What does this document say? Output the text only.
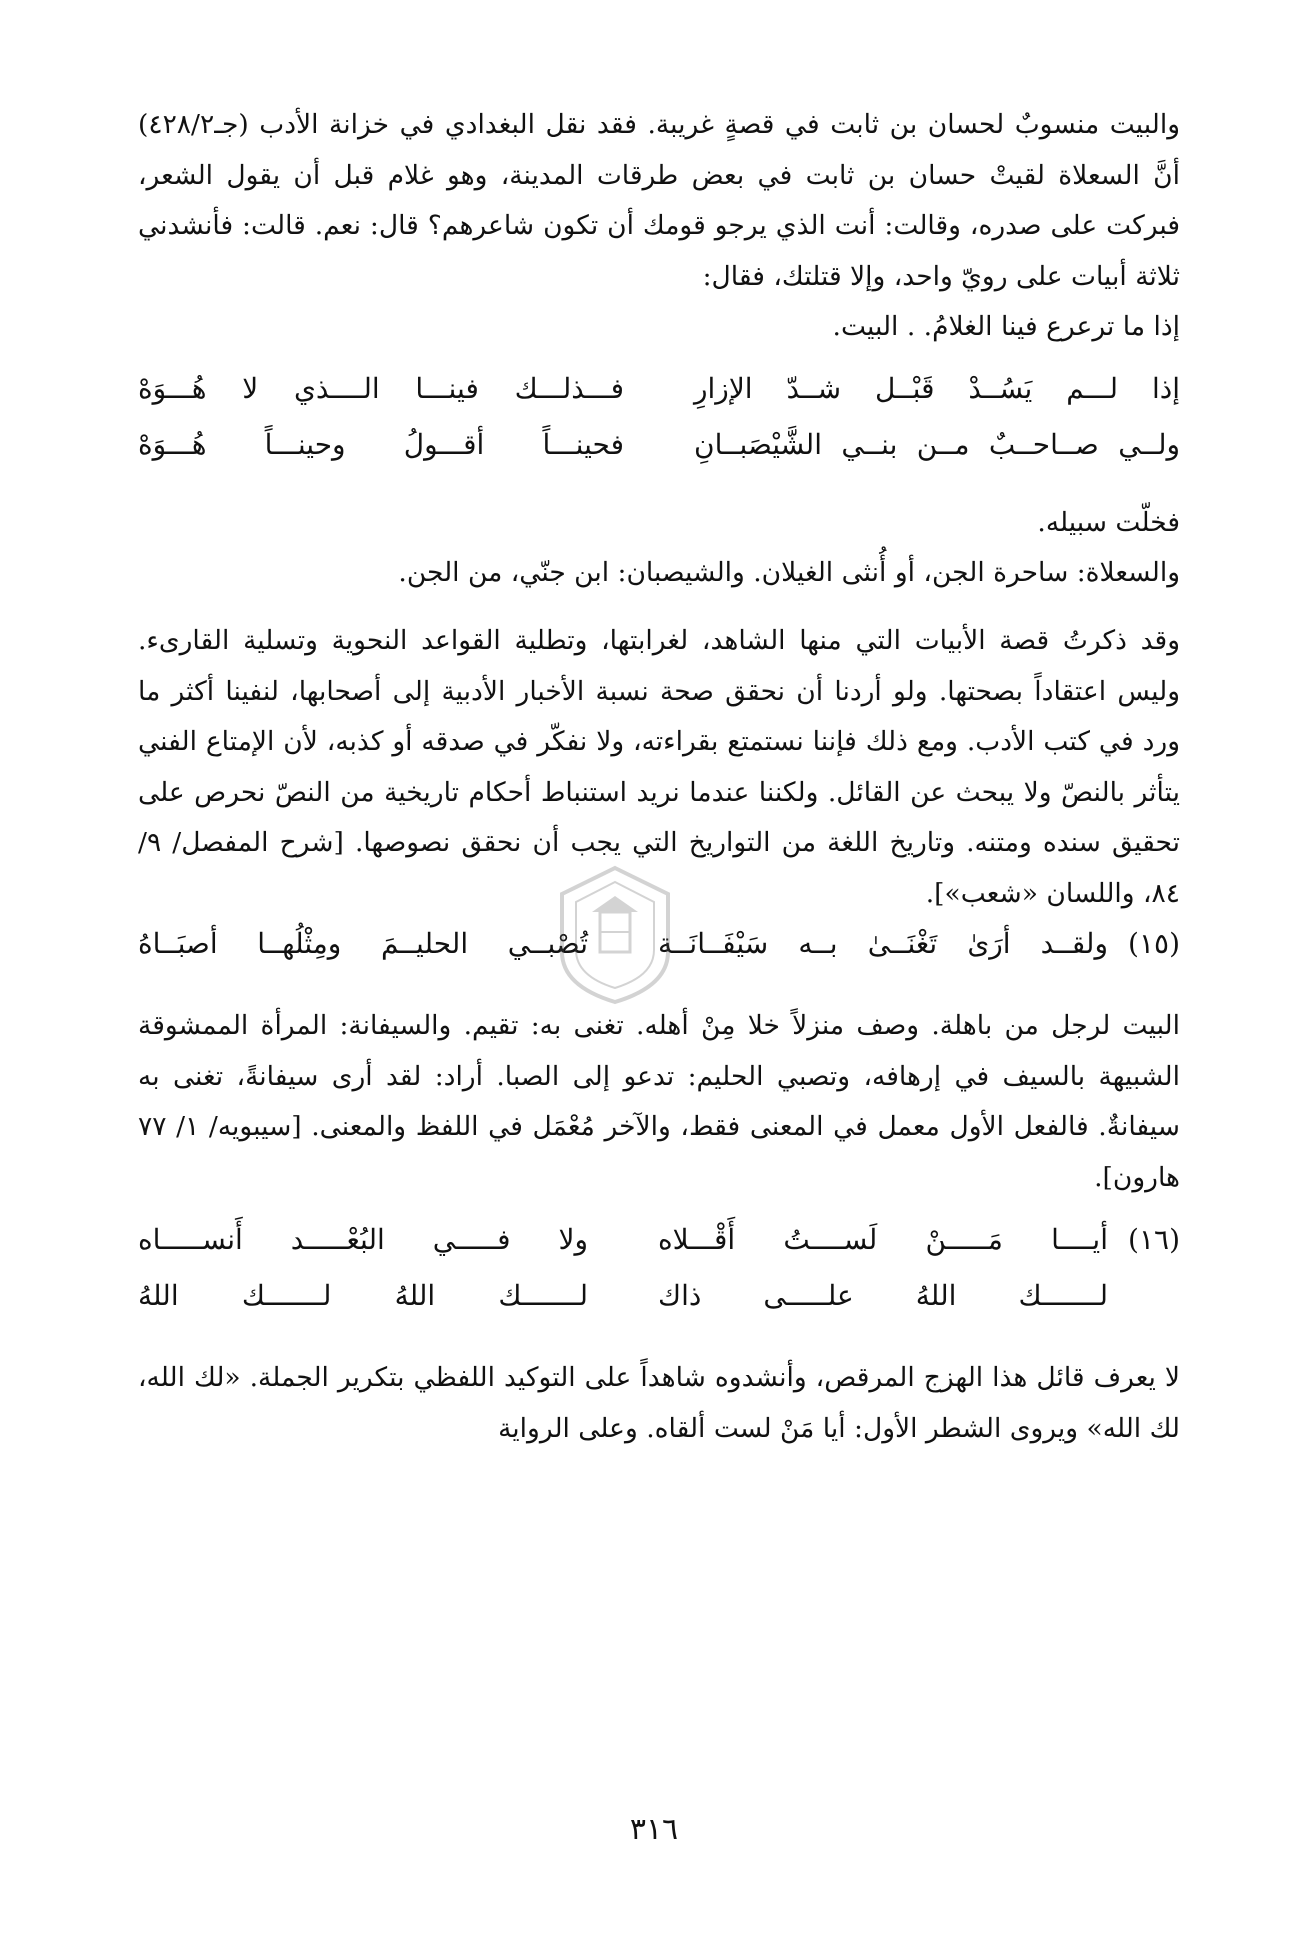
والبيت منسوبٌ لحسان بن ثابت في قصةٍ غريبة. فقد نقل البغدادي في خزانة الأدب (جـ٤٢٨/٢) أنَّ السعلاة لقيتْ حسان بن ثابت في بعض طرقات المدينة، وهو غلام قبل أن يقول الشعر، فبركت على صدره، وقالت: أنت الذي يرجو قومك أن تكون شاعرهم؟ قال: نعم. قالت: فأنشدني ثلاثة أبيات على رويّ واحد، وإلا قتلتك، فقال:

إذا ما ترعرع فينا الغلامُ. . البيت.

إذا لـــم يَسُــدْ قَبْــل شــدّ الإزارِ
فـــذلـــك فينـــا الــــذي لا هُـــوَهْ
ولــي صــاحــبٌ مــن بنــي الشَّيْصَبــانِ
فحينـــاً أقـــولُ وحينـــاً هُـــوَهْ

فخلّت سبيله.

والسعلاة: ساحرة الجن، أو أُنثى الغيلان. والشيصبان: ابن جنّي، من الجن.

وقد ذكرتُ قصة الأبيات التي منها الشاهد، لغرابتها، وتطلية القواعد النحوية وتسلية القارىء. وليس اعتقاداً بصحتها. ولو أردنا أن نحقق صحة نسبة الأخبار الأدبية إلى أصحابها، لنفينا أكثر ما ورد في كتب الأدب. ومع ذلك فإننا نستمتع بقراءته، ولا نفكّر في صدقه أو كذبه، لأن الإمتاع الفني يتأثر بالنصّ ولا يبحث عن القائل. ولكننا عندما نريد استنباط أحكام تاريخية من النصّ نحرص على تحقيق سنده ومتنه. وتاريخ اللغة من التواريخ التي يجب أن نحقق نصوصها. [شرح المفصل/ ٩/ ٨٤، واللسان «شعب»].

(١٥)
ولقــد أرَىٰ تَغْنَــىٰ بــه سَيْفَــانَــة
تُصْبــي الحليــمَ ومِثْلُهــا أصبَــاهُ

البيت لرجل من باهلة. وصف منزلاً خلا مِنْ أهله. تغنى به: تقيم. والسيفانة: المرأة الممشوقة الشبيهة بالسيف في إرهافه، وتصبي الحليم: تدعو إلى الصبا. أراد: لقد أرى سيفانةً، تغنى به سيفانةٌ. فالفعل الأول معمل في المعنى فقط، والآخر مُعْمَل في اللفظ والمعنى. [سيبويه/ ١/ ٧٧ هارون].

(١٦)
أيــــا مَـــــنْ لَســــتُ أَقْـــلاه
ولا فـــــي البُعْـــــد أَنســـــاه
لـــــــك اللهُ علـــــى ذاك
لـــــــك اللهُ لـــــــك اللهُ

لا يعرف قائل هذا الهزج المرقص، وأنشدوه شاهداً على التوكيد اللفظي بتكرير الجملة. «لك الله، لك الله» ويروى الشطر الأول: أيا مَنْ لست ألقاه. وعلى الرواية

٣١٦
